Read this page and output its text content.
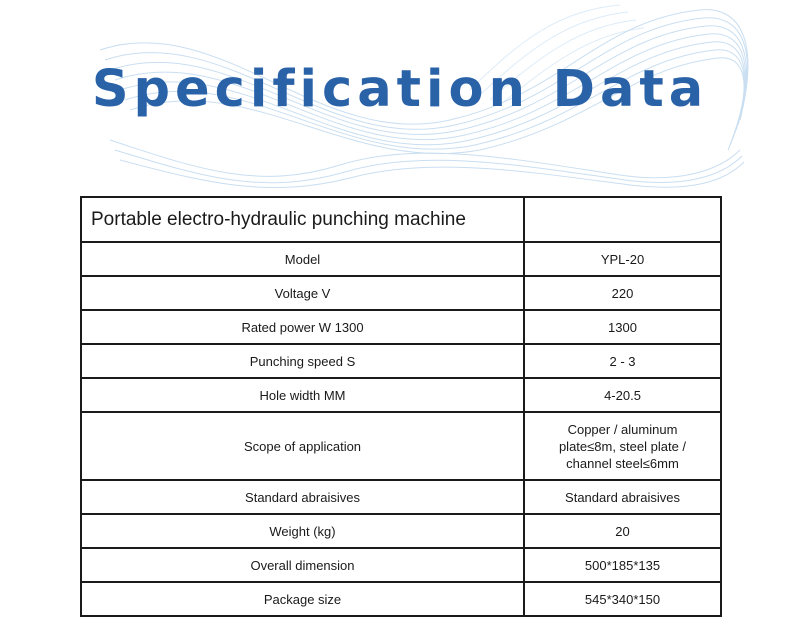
Specification Data
Portable electro-hydraulic punching machine	
Model	YPL-20
Voltage V	220
Rated power W 1300	1300
Punching speed S	2 - 3
Hole width MM	4-20.5
Scope of application	Copper / aluminum
plate≤8m, steel plate /
channel steel≤6mm

Standard abraisives	Standard abraisives
Weight (kg)	20
Overall dimension	500*185*135
Package size	545*340*150
